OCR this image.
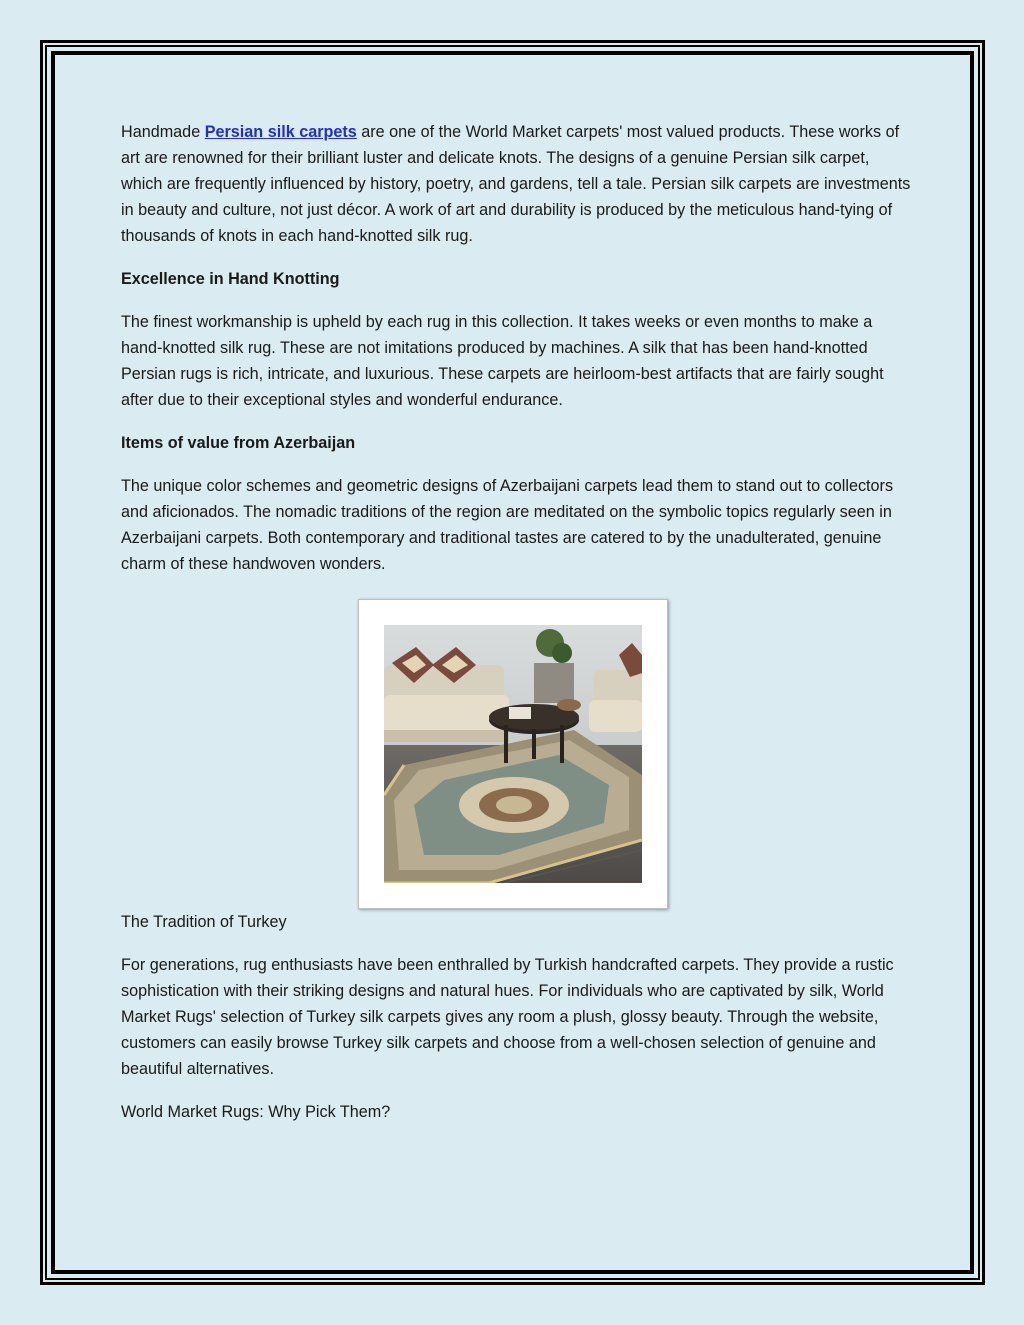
Handmade Persian silk carpets are one of the World Market carpets' most valued products. These works of art are renowned for their brilliant luster and delicate knots. The designs of a genuine Persian silk carpet, which are frequently influenced by history, poetry, and gardens, tell a tale. Persian silk carpets are investments in beauty and culture, not just décor. A work of art and durability is produced by the meticulous hand-tying of thousands of knots in each hand-knotted silk rug.

Excellence in Hand Knotting

The finest workmanship is upheld by each rug in this collection. It takes weeks or even months to make a hand-knotted silk rug. These are not imitations produced by machines. A silk that has been hand-knotted Persian rugs is rich, intricate, and luxurious. These carpets are heirloom-best artifacts that are fairly sought after due to their exceptional styles and wonderful endurance.

Items of value from Azerbaijan

The unique color schemes and geometric designs of Azerbaijani carpets lead them to stand out to collectors and aficionados. The nomadic traditions of the region are meditated on the symbolic topics regularly seen in Azerbaijani carpets. Both contemporary and traditional tastes are catered to by the unadulterated, genuine charm of these handwoven wonders.

The Tradition of Turkey

For generations, rug enthusiasts have been enthralled by Turkish handcrafted carpets. They provide a rustic sophistication with their striking designs and natural hues. For individuals who are captivated by silk, World Market Rugs' selection of Turkey silk carpets gives any room a plush, glossy beauty. Through the website, customers can easily browse Turkey silk carpets and choose from a well-chosen selection of genuine and beautiful alternatives.

World Market Rugs: Why Pick Them?
